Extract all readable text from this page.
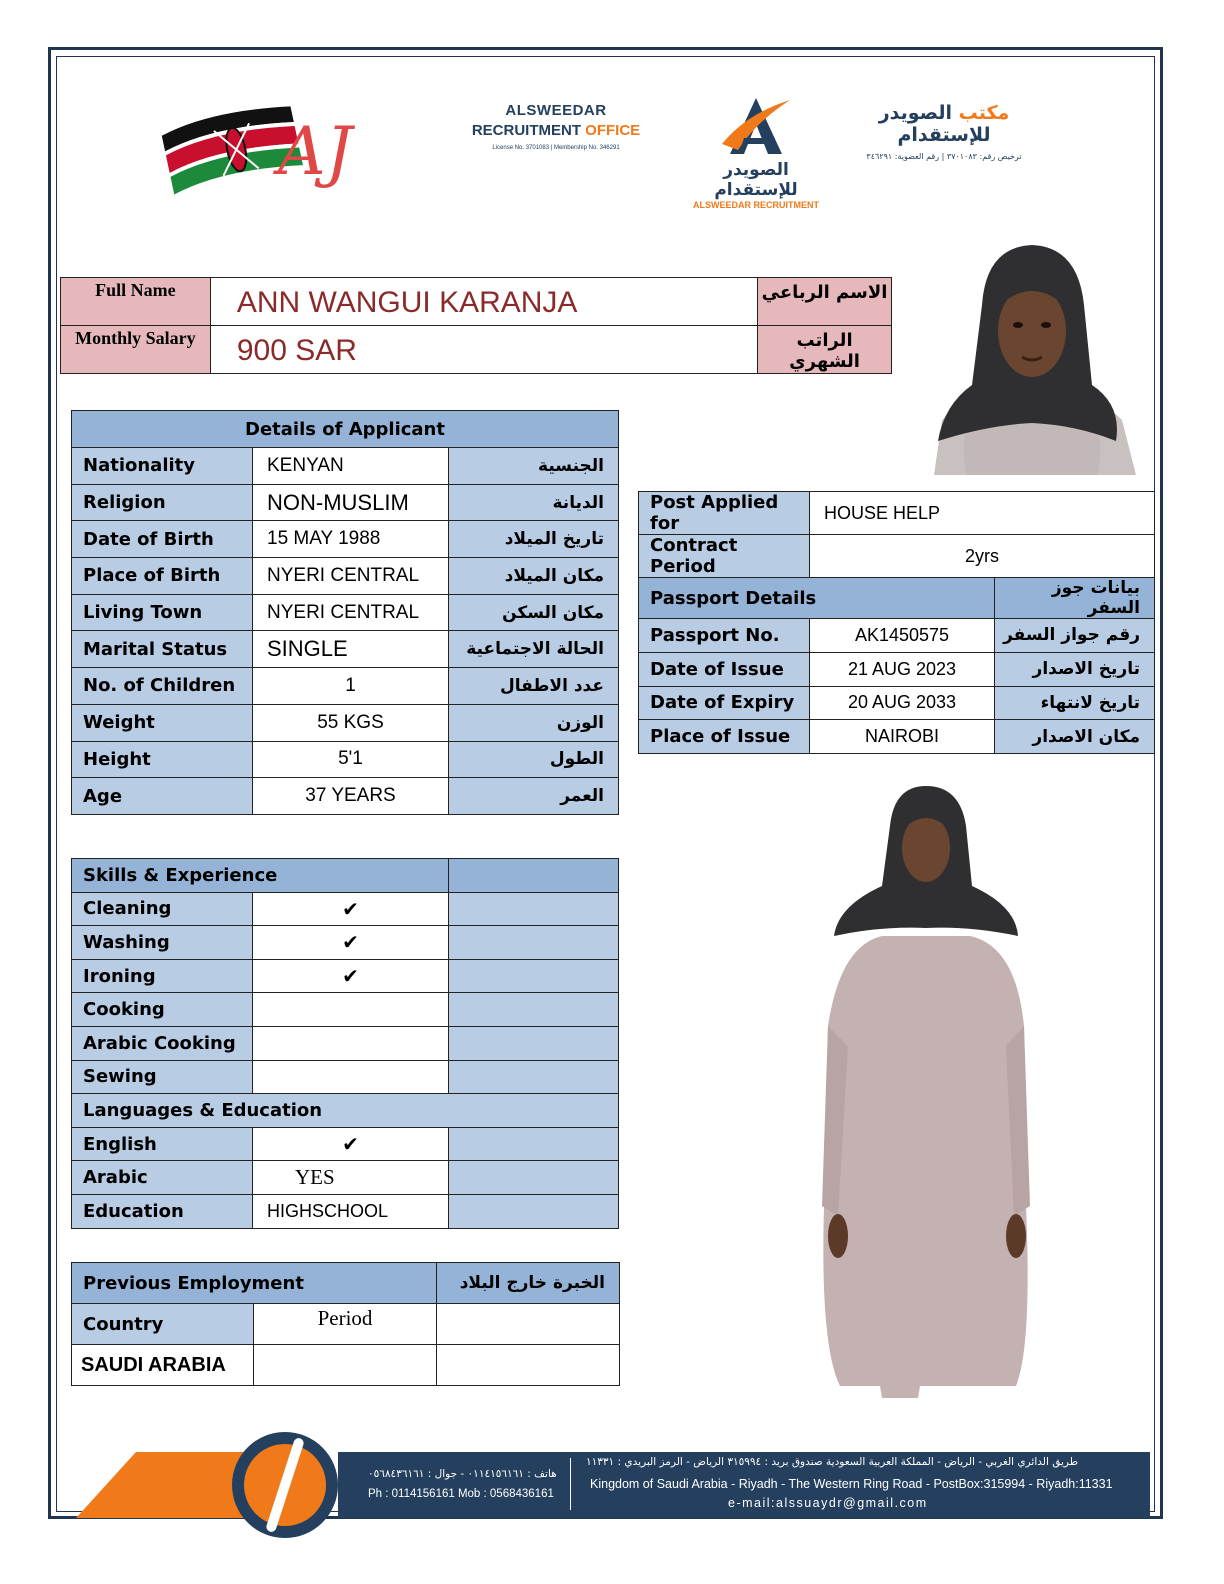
AJ
ALSWEEDAR
RECRUITMENT OFFICE
License No. 3701083 | Membership No. 346291
الصويدر للإستقدام
ALSWEEDAR RECRUITMENT
مكتب الصويدر للإستقدام
ترخيص رقم: ٣٧٠١٠٨٣ | رقم العضوية: ٣٤٦٢٩١
Full Name	ANN WANGUI KARANJA	الاسم الرباعي
Monthly Salary	900 SAR	الراتب الشهري
Details of Applicant		
Nationality	KENYAN	الجنسية
Religion	NON-MUSLIM	الديانة
Date of Birth	15 MAY 1988	تاريخ الميلاد
Place of Birth	NYERI CENTRAL	مكان الميلاد
Living Town	NYERI CENTRAL	مكان السكن
Marital Status	SINGLE	الحالة الاجتماعية
No. of Children	1	عدد الاطفال
Weight	55 KGS	الوزن
Height	5'1	الطول
Age	37 YEARS	العمر
Post Applied for	HOUSE HELP	
Contract Period	2yrs	
Passport Details		بيانات جوز السفر
Passport No.	AK1450575	رقم جواز السفر
Date of Issue	21 AUG 2023	تاريخ الاصدار
Date of Expiry	20 AUG 2033	تاريخ لانتهاء
Place of Issue	NAIROBI	مكان الاصدار
Skills & Experience		
Cleaning	✔	
Washing	✔	
Ironing	✔	
Cooking		
Arabic Cooking		
Sewing		
Languages & Education		
English	✔	
Arabic	YES	
Education	HIGHSCHOOL	
Previous Employment		الخبرة خارج البلاد
Country	Period	
SAUDI ARABIA		
هاتف : ٠١١٤١٥٦١٦١ - جوال : ٠٥٦٨٤٣٦١٦١
Ph : 0114156161 Mob : 0568436161
طريق الدائري الغربي - الرياض - المملكة العربية السعودية صندوق بريد : ٣١٥٩٩٤ الرياض - الرمز البريدي : ١١٣٣١
Kingdom of Saudi Arabia - Riyadh - The Western Ring Road - PostBox:315994 - Riyadh:11331
e-mail:alssuaydr@gmail.com
